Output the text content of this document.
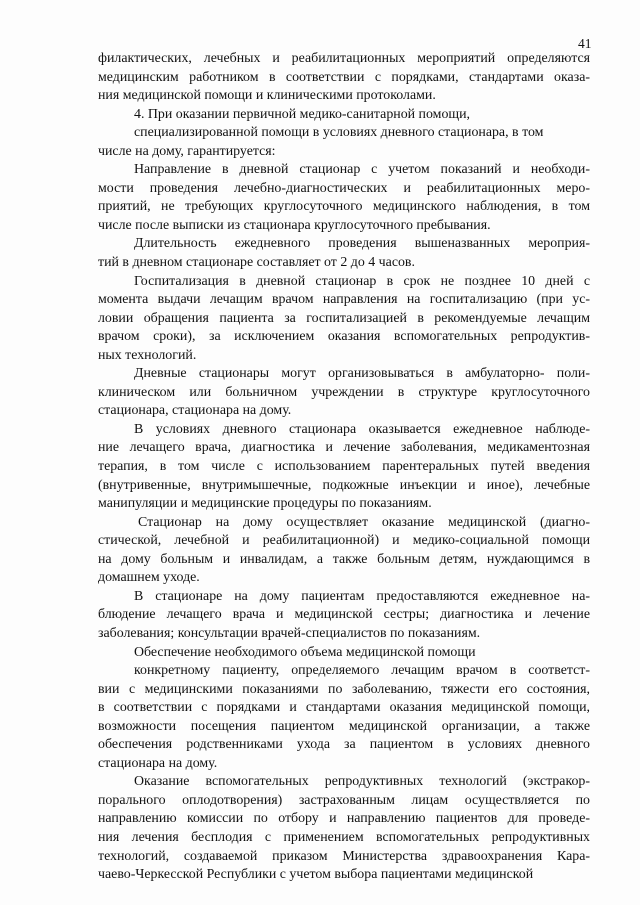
41
филактических, лечебных и реабилитационных мероприятий определяются
медицинским работником в соответствии с порядками, стандартами оказа-
ния медицинской помощи и клиническими протоколами.
4. При оказании первичной медико-санитарной помощи,
специализированной помощи в условиях дневного стационара, в том
числе на дому, гарантируется:
Направление в дневной стационар с учетом показаний и необходи-
мости проведения лечебно-диагностических и реабилитационных меро-
приятий, не требующих круглосуточного медицинского наблюдения, в том
числе после выписки из стационара круглосуточного пребывания.
Длительность ежедневного проведения вышеназванных мероприя-
тий в дневном стационаре составляет от 2 до 4 часов.
Госпитализация в дневной стационар в срок не позднее 10 дней с
момента выдачи лечащим врачом направления на госпитализацию (при ус-
ловии обращения пациента за госпитализацией в рекомендуемые лечащим
врачом сроки), за исключением оказания вспомогательных репродуктив-
ных технологий.
Дневные стационары могут организовываться в амбулаторно- поли-
клиническом или больничном учреждении в структуре круглосуточного
стационара, стационара на дому.
В условиях дневного стационара оказывается ежедневное наблюде-
ние лечащего врача, диагностика и лечение заболевания, медикаментозная
терапия, в том числе с использованием парентеральных путей введения
(внутривенные, внутримышечные, подкожные инъекции и иное), лечебные
манипуляции и медицинские процедуры по показаниям.
Стационар на дому осуществляет оказание медицинской (диагно-
стической, лечебной и реабилитационной) и медико-социальной помощи
на дому больным и инвалидам, а также больным детям, нуждающимся в
домашнем уходе.
В стационаре на дому пациентам предоставляются ежедневное на-
блюдение лечащего врача и медицинской сестры; диагностика и лечение
заболевания; консультации врачей-специалистов по показаниям.
Обеспечение необходимого объема медицинской помощи
конкретному пациенту, определяемого лечащим врачом в соответст-
вии с медицинскими показаниями по заболеванию, тяжести его состояния,
в соответствии с порядками и стандартами оказания медицинской помощи,
возможности посещения пациентом медицинской организации, а также
обеспечения родственниками ухода за пациентом в условиях дневного
стационара на дому.
Оказание вспомогательных репродуктивных технологий (экстракор-
порального оплодотворения) застрахованным лицам осуществляется по
направлению комиссии по отбору и направлению пациентов для проведе-
ния лечения бесплодия с применением вспомогательных репродуктивных
технологий, создаваемой приказом Министерства здравоохранения Кара-
чаево-Черкесской Республики с учетом выбора пациентами медицинской
